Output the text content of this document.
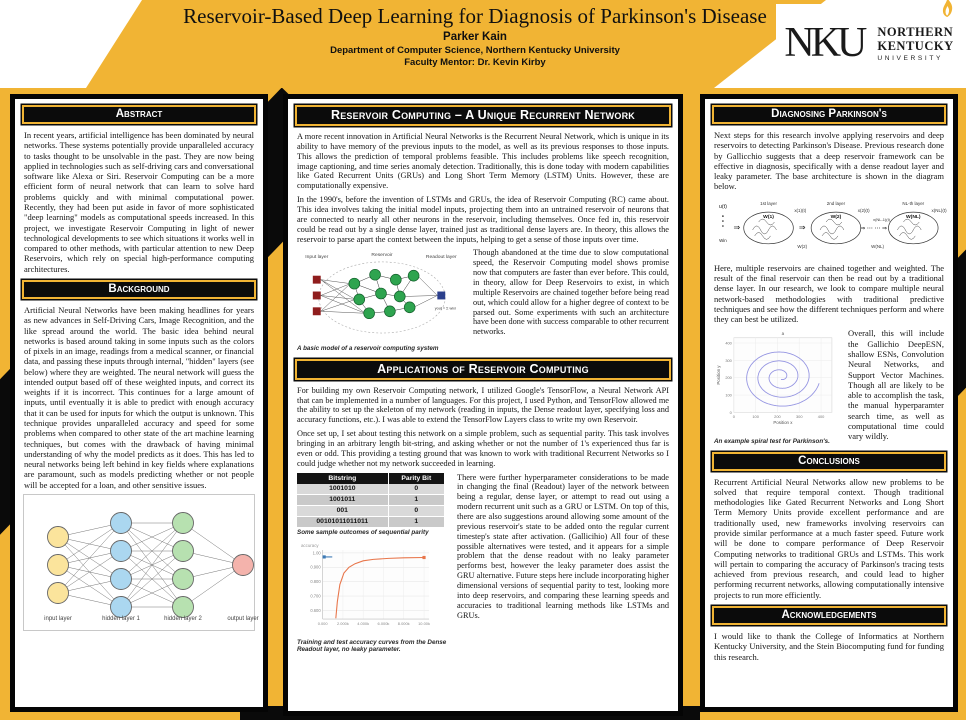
Reservoir-Based Deep Learning for Diagnosis of Parkinson's Disease
Parker Kain
Department of Computer Science, Northern Kentucky University
Faculty Mentor: Dr. Kevin Kirby	NKU	NORTHERN
KENTUCKY
UNIVERSITY
Abstract
In recent years, artificial intelligence has been dominated by neural networks. These systems potentially provide unparalleled accuracy to tasks thought to be unsolvable in the past. They are now being applied in technologies such as self-driving cars and conversational software like Alexa or Siri. Reservoir Computing can be a more efficient form of neural network that can learn to solve hard problems quickly and with minimal computational power. Recently, they had been put aside in favor of more sophisticated "deep learning" models as computational speeds increased. In this project, we investigate Reservoir Computing in light of newer technological developments to see which situations it works well in compared to other methods, with particular attention to new Deep Reservoirs, which rely on special high-performance computing architectures.
Background
Artificial Neural Networks have been making headlines for years as new advances in Self-Driving Cars, Image Recognition, and the like spread around the world. The basic idea behind neural networks is based around taking in some inputs such as the colors of pixels in an image, readings from a medical scanner, or financial data, and passing these inputs through internal, "hidden" layers (see below) where they are weighted. The neural network will guess the intended output based off of these weighted inputs, and correct its weights if it is incorrect. This continues for a large amount of inputs, until eventually it is able to predict with enough accuracy that it can be used for inputs for which the output is unknown. This technique provides unparalleled accuracy and speed for some problems when compared to other state of the art machine learning techniques, but comes with the drawback of having minimal understanding of why the model predicts as it does. This has led to neural networks being left behind in key fields where explanations are paramount, such as models predicting whether or not people will be accepted for a loan, and other sensitive issues.
input layer	hidden layer 1	hidden layer 2	output layer
Reservoir Computing – A Unique Recurrent Network
A more recent innovation in Artificial Neural Networks is the Recurrent Neural Network, which is unique in its ability to have memory of the previous inputs to the model, as well as its previous responses to those inputs. This allows the prediction of temporal problems feasible. This includes problems like speech recognition, image captioning, and time series anomaly detection. Traditionally, this is done today with modern capabilities like Gated Recurrent Units (GRUs) and Long Short Term Memory (LSTM) Units. However, these are computationally expensive.
In the 1990's, before the invention of LSTMs and GRUs, the idea of Reservoir Computing (RC) came about. This idea involves taking the initial model inputs, projecting them into an untrained reservoir of neurons that are connected to nearly all other neurons in the reservoir, including themselves. Once fed in, this reservoir could be read out by a single dense layer, trained just as traditional dense layers are. In theory, this allows the reservoir to parse apart the context between the inputs, helping to get a sense of those inputs over time.
Input layer	Reservoir	Readout layer
yout = Σ wixi
A basic model of a reservoir computing system
Though abandoned at the time due to slow computational speed, the Reservoir Computing model shows promise now that computers are faster than ever before. This could, in theory, allow for Deep Reservoirs to exist, in which multiple Reservoirs are chained together before being read out, which could allow for a higher degree of context to be parsed out. Some experiments with such an architecture have been done with success comparable to other recurrent networks.
Applications of Reservoir Computing
For building my own Reservoir Computing network, I utilized Google's TensorFlow, a Neural Network API that can be implemented in a number of languages. For this project, I used Python, and TensorFlow allowed me the ability to set up the skeleton of my network (reading in inputs, the Dense readout layer, specifying loss and accuracy functions, etc.). I was able to extend the TensorFlow Layers class to write my own Reservoir.
Once set up, I set about testing this network on a simple problem, such as sequential parity. This task involves bringing in an arbitrary length bit-string, and asking whether or not the number of 1's experienced thus far is even or odd. This providing a testing ground that was known to work with traditional Recurrent Networks so I could judge whether not my network succeeded in learning.
Bitstring	Parity Bit
1001010	0
1001011	1
001	0
00101011011011	1
Some sample outcomes of sequential parity
1.00
0.900
0.800
0.700
0.600
0.000 2.000k 4.000k 6.000k 8.000k 10.00k
accuracy
Training and test accuracy curves from the Dense Readout layer, no leaky parameter.
There were further hyperparameter considerations to be made in changing the final (Readout) layer of the network between being a regular, dense layer, or attempt to read out using a modern recurrent unit such as a GRU or LSTM. On top of this, there are also suggestions around allowing some amount of the previous reservoir's state to be added onto the regular current timestep's state after activation. (Gallicihio) All four of these possible alternatives were tested, and it appears for a simple problem that the dense readout with no leaky parameter performs best, however the leaky parameter does assist the GRU alternative. Future steps here include incorporating higher dimensional versions of sequential parity to test, looking more into deep reservoirs, and comparing these learning speeds and accuracies to traditional learning methods like LSTMs and GRUs.
Diagnosing Parkinson's
Next steps for this research involve applying reservoirs and deep reservoirs to detecting Parkinson's Disease. Previous research done by Gallicchio suggests that a deep reservoir framework can be effective in diagnosis, specifically with a dense readout layer and leaky parameter. The base architecture is shown in the diagram below.
u(t)
Win
1st layer
W(1)
2nd layer
W(2)
NL-th layer
W(NL)
⇒	⇒	⇒ ⋯ ⋯ ⇒
x(1)(t)	x(2)(t)
x(NL-1)(t)
x(NL)(t)
W(2)	W(NL)
Here, multiple reservoirs are chained together and weighted. The result of the final reservoir can then be read out by a traditional dense layer. In our research, we look to compare multiple neural network-based methodologies with traditional predictive techniques and see how the different techniques perform and where they can best be utilized.
0
0
100
100
200
200
300
300
400
400
a
Position x
Position y
An example spiral test for Parkinson's.
Overall, this will include the Gallichio DeepESN, shallow ESNs, Convolution Neural Networks, and Support Vector Machines. Though all are likely to be able to accomplish the task, the manual hyperparamter search time, as well as computational time could vary wildly.
Conclusions
Recurrent Artificial Neural Networks allow new problems to be solved that require temporal context. Though traditional methodologies like Gated Recurrent Networks and Long Short Term Memory Units provide excellent performance and are traditionally used, new frameworks involving reservoirs can provide similar performance at a much faster speed. Future work will be done to compare performance of Deep Reservoir Computing networks to traditional GRUs and LSTMs. This work will pertain to comparing the accuracy of Parkinson's tracing tests achieved from previous research, and could lead to higher performing recurrent networks, allowing computationally intensive projects to run more efficiently.
Acknowledgements
I would like to thank the College of Informatics at Northern Kentucky University, and the Stein Biocomputing fund for funding this research.
